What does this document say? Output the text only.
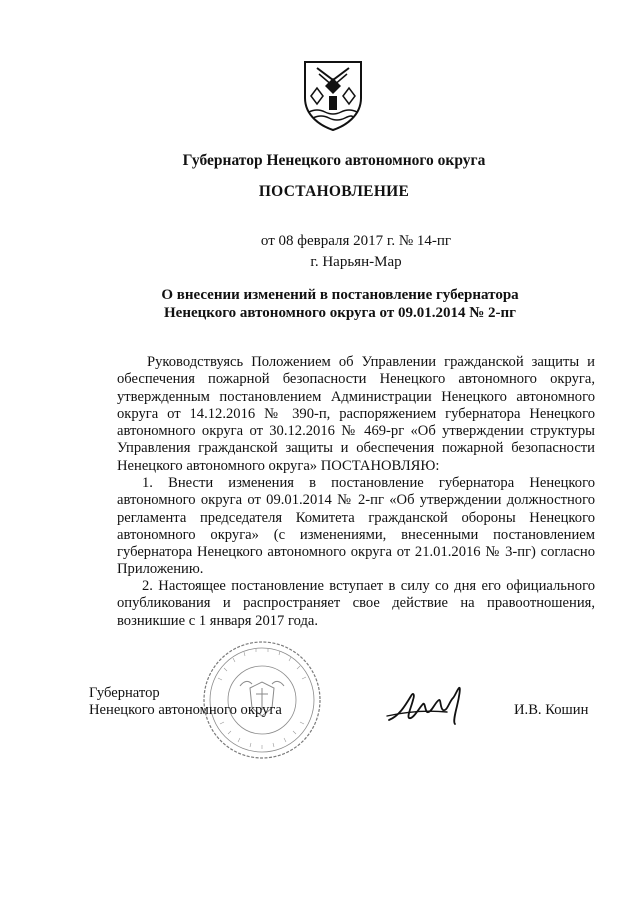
Губернатор Ненецкого автономного округа
ПОСТАНОВЛЕНИЕ
от 08 февраля 2017 г. № 14-пг
г. Нарьян-Мар
О внесении изменений в постановление губернатора
Ненецкого автономного округа от 09.01.2014 № 2-пг
Руководствуясь Положением об Управлении гражданской защиты и обеспечения пожарной безопасности Ненецкого автономного округа, утвержденным постановлением Администрации Ненецкого автономного округа от 14.12.2016 № 390-п, распоряжением губернатора Ненецкого автономного округа от 30.12.2016 № 469-рг «Об утверждении структуры Управления гражданской защиты и обеспечения пожарной безопасности Ненецкого автономного округа» ПОСТАНОВЛЯЮ:
1. Внести изменения в постановление губернатора Ненецкого автономного округа от 09.01.2014 № 2-пг «Об утверждении должностного регламента председателя Комитета гражданской обороны Ненецкого автономного округа» (с изменениями, внесенными постановлением губернатора Ненецкого автономного округа от 21.01.2016 № 3-пг) согласно Приложению.
2. Настоящее постановление вступает в силу со дня его официального опубликования и распространяет свое действие на правоотношения, возникшие с 1 января 2017 года.
Губернатор
Ненецкого автономного округа	И.В. Кошин
